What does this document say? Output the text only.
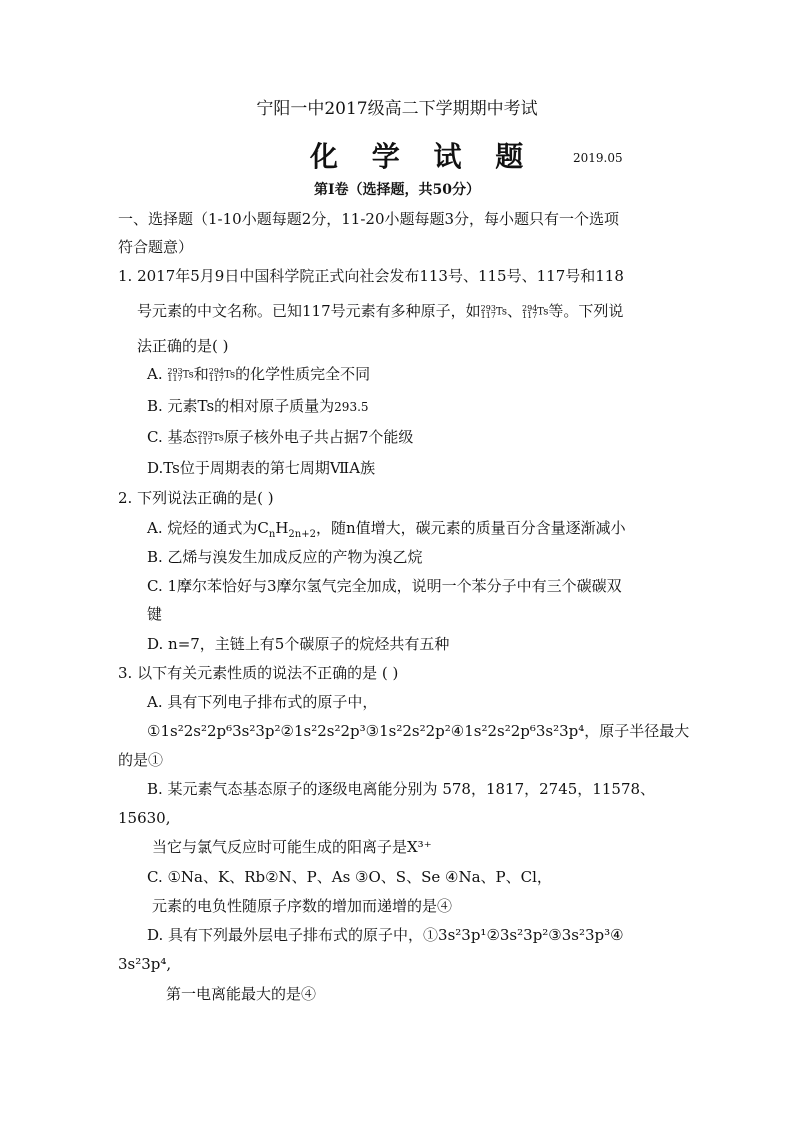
宁阳一中2017级高二下学期期中考试
化 学 试 题	2019.05
第Ⅰ卷（选择题，共50分）
一、选择题（1-10小题每题2分，11-20小题每题3分，每小题只有一个选项
符合题意）
1. 2017年5月9日中国科学院正式向社会发布113号、115号、117号和118
号元素的中文名称。已知117号元素有多种原子，如 293
117 Ts、 294
117 Ts等。下列说
法正确的是( )
A. 293
117 Ts和 294
117 Ts的化学性质完全不同
B. 元素Ts的相对原子质量为293.5
C. 基态 293
117 Ts原子核外电子共占据7个能级
D.Ts位于周期表的第七周期ⅦA族
2. 下列说法正确的是( )
A. 烷烃的通式为$C_nH_{2n+2}$，随n值增大，碳元素的质量百分含量逐渐减小
B. 乙烯与溴发生加成反应的产物为溴乙烷
C. 1摩尔苯恰好与3摩尔氢气完全加成，说明一个苯分子中有三个碳碳双
键
D. n=7，主链上有5个碳原子的烷烃共有五种
3. 以下有关元素性质的说法不正确的是 ( )
A. 具有下列电子排布式的原子中，
①1s²2s²2p⁶3s²3p²②1s²2s²2p³③1s²2s²2p²④1s²2s²2p⁶3s²3p⁴，原子半径最大
的是①
B. 某元素气态基态原子的逐级电离能分别为 578，1817，2745，11578、
15630,
当它与氯气反应时可能生成的阳离子是X³⁺
C. ①Na、K、Rb②N、P、As ③O、S、Se ④Na、P、Cl，
元素的电负性随原子序数的增加而递增的是④
D. 具有下列最外层电子排布式的原子中，①3s²3p¹②3s²3p²③3s²3p³④
3s²3p⁴,
第一电离能最大的是④
